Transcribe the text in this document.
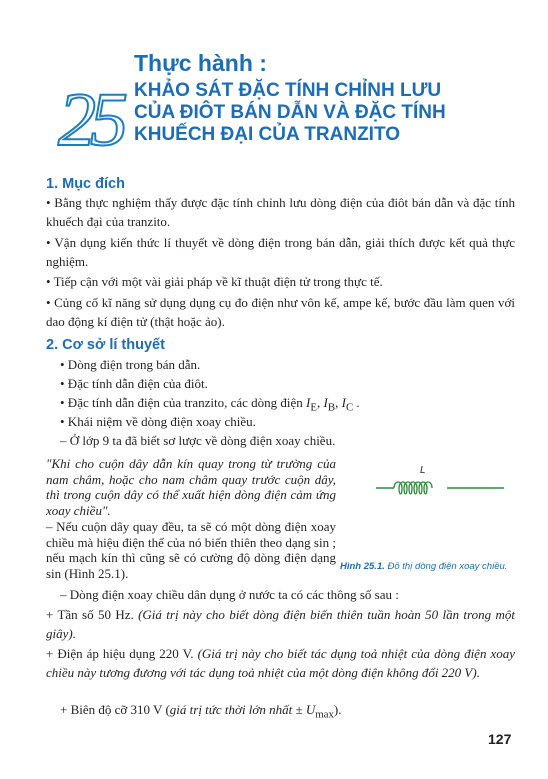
25
Thực hành :
KHẢO SÁT ĐẶC TÍNH CHỈNH LƯU
CỦA ĐIÔT BÁN DẪN VÀ ĐẶC TÍNH
KHUẾCH ĐẠI CỦA TRANZITO
1. Mục đích
• Bằng thực nghiệm thấy được đặc tính chỉnh lưu dòng điện của điôt bán dẫn và đặc tính khuếch đại của tranzito.
• Vận dụng kiến thức lí thuyết về dòng điện trong bán dẫn, giải thích được kết quả thực nghiệm.
• Tiếp cận với một vài giải pháp về kĩ thuật điện tử trong thực tế.
• Củng cố kĩ năng sử dụng dụng cụ đo điện như vôn kế, ampe kế, bước đầu làm quen với dao động kí điện tử (thật hoặc ảo).
2. Cơ sở lí thuyết
• Dòng điện trong bán dẫn.
• Đặc tính dẫn điện của điôt.
• Đặc tính dẫn điện của tranzito, các dòng điện $I_E$, $I_B$, $I_C$ .
• Khái niệm về dòng điện xoay chiều.
– Ở lớp 9 ta đã biết sơ lược về dòng điện xoay chiều.
"Khi cho cuộn dây dẫn kín quay trong từ trường của nam châm, hoặc cho nam châm quay trước cuộn dây, thì trong cuộn dây có thể xuất hiện dòng điện cảm ứng xoay chiều".
– Nếu cuộn dây quay đều, ta sẽ có một dòng điện xoay chiều mà hiệu điện thế của nó biến thiên theo dạng sin ; nếu mạch kín thì cũng sẽ có cường độ dòng điện dạng sin (Hình 25.1).
L
Hình 25.1. Đồ thị dòng điện xoay chiều.
– Dòng điện xoay chiều dân dụng ở nước ta có các thông số sau :
+ Tần số 50 Hz. (Giá trị này cho biết dòng điện biến thiên tuần hoàn 50 lần trong một giây).
+ Điện áp hiệu dụng 220 V. (Giá trị này cho biết tác dụng toả nhiệt của dòng điện xoay chiều này tương đương với tác dụng toả nhiệt của một dòng điện không đổi 220 V).
+ Biên độ cỡ 310 V (giá trị tức thời lớn nhất ± $U_{max}$).
127
